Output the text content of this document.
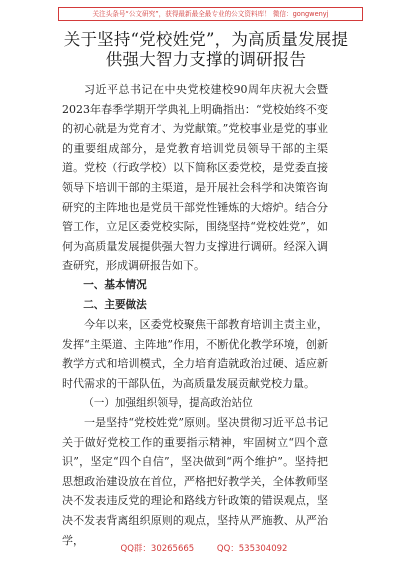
关注头条号“公文研究”，获得最新最全最专业的公文资料库！ 微信：gongwenyj
关于坚持“党校姓党”，为高质量发展提
供强大智力支撑的调研报告

习近平总书记在中央党校建校90周年庆祝大会暨2023年春季学期开学典礼上明确指出：“党校始终不变的初心就是为党育才、为党献策。”党校事业是党的事业的重要组成部分，是党教育培训党员领导干部的主渠道。党校（行政学校）以下简称区委党校，是党委直接领导下培训干部的主渠道，是开展社会科学和决策咨询研究的主阵地也是党员干部党性锤炼的大熔炉。结合分管工作，立足区委党校实际，围绕坚持“党校姓党”，如何为高质量发展提供强大智力支撑进行调研。经深入调查研究，形成调研报告如下。

一、基本情况

二、主要做法

今年以来，区委党校聚焦干部教育培训主责主业，发挥“主渠道、主阵地”作用，不断优化教学环境，创新教学方式和培训模式，全力培育造就政治过硬、适应新时代需求的干部队伍，为高质量发展贡献党校力量。

（一）加强组织领导，提高政治站位

一是坚持“党校姓党”原则。坚决贯彻习近平总书记关于做好党校工作的重要指示精神，牢固树立“四个意识”，坚定“四个自信”，坚决做到“两个维护”。坚持把思想政治建设放在首位，严格把好教学关，全体教师坚决不发表违反党的理论和路线方针政策的错误观点，坚决不发表背离组织原则的观点，坚持从严施教、从严治学，

QQ群：30265665	QQ：535304092
